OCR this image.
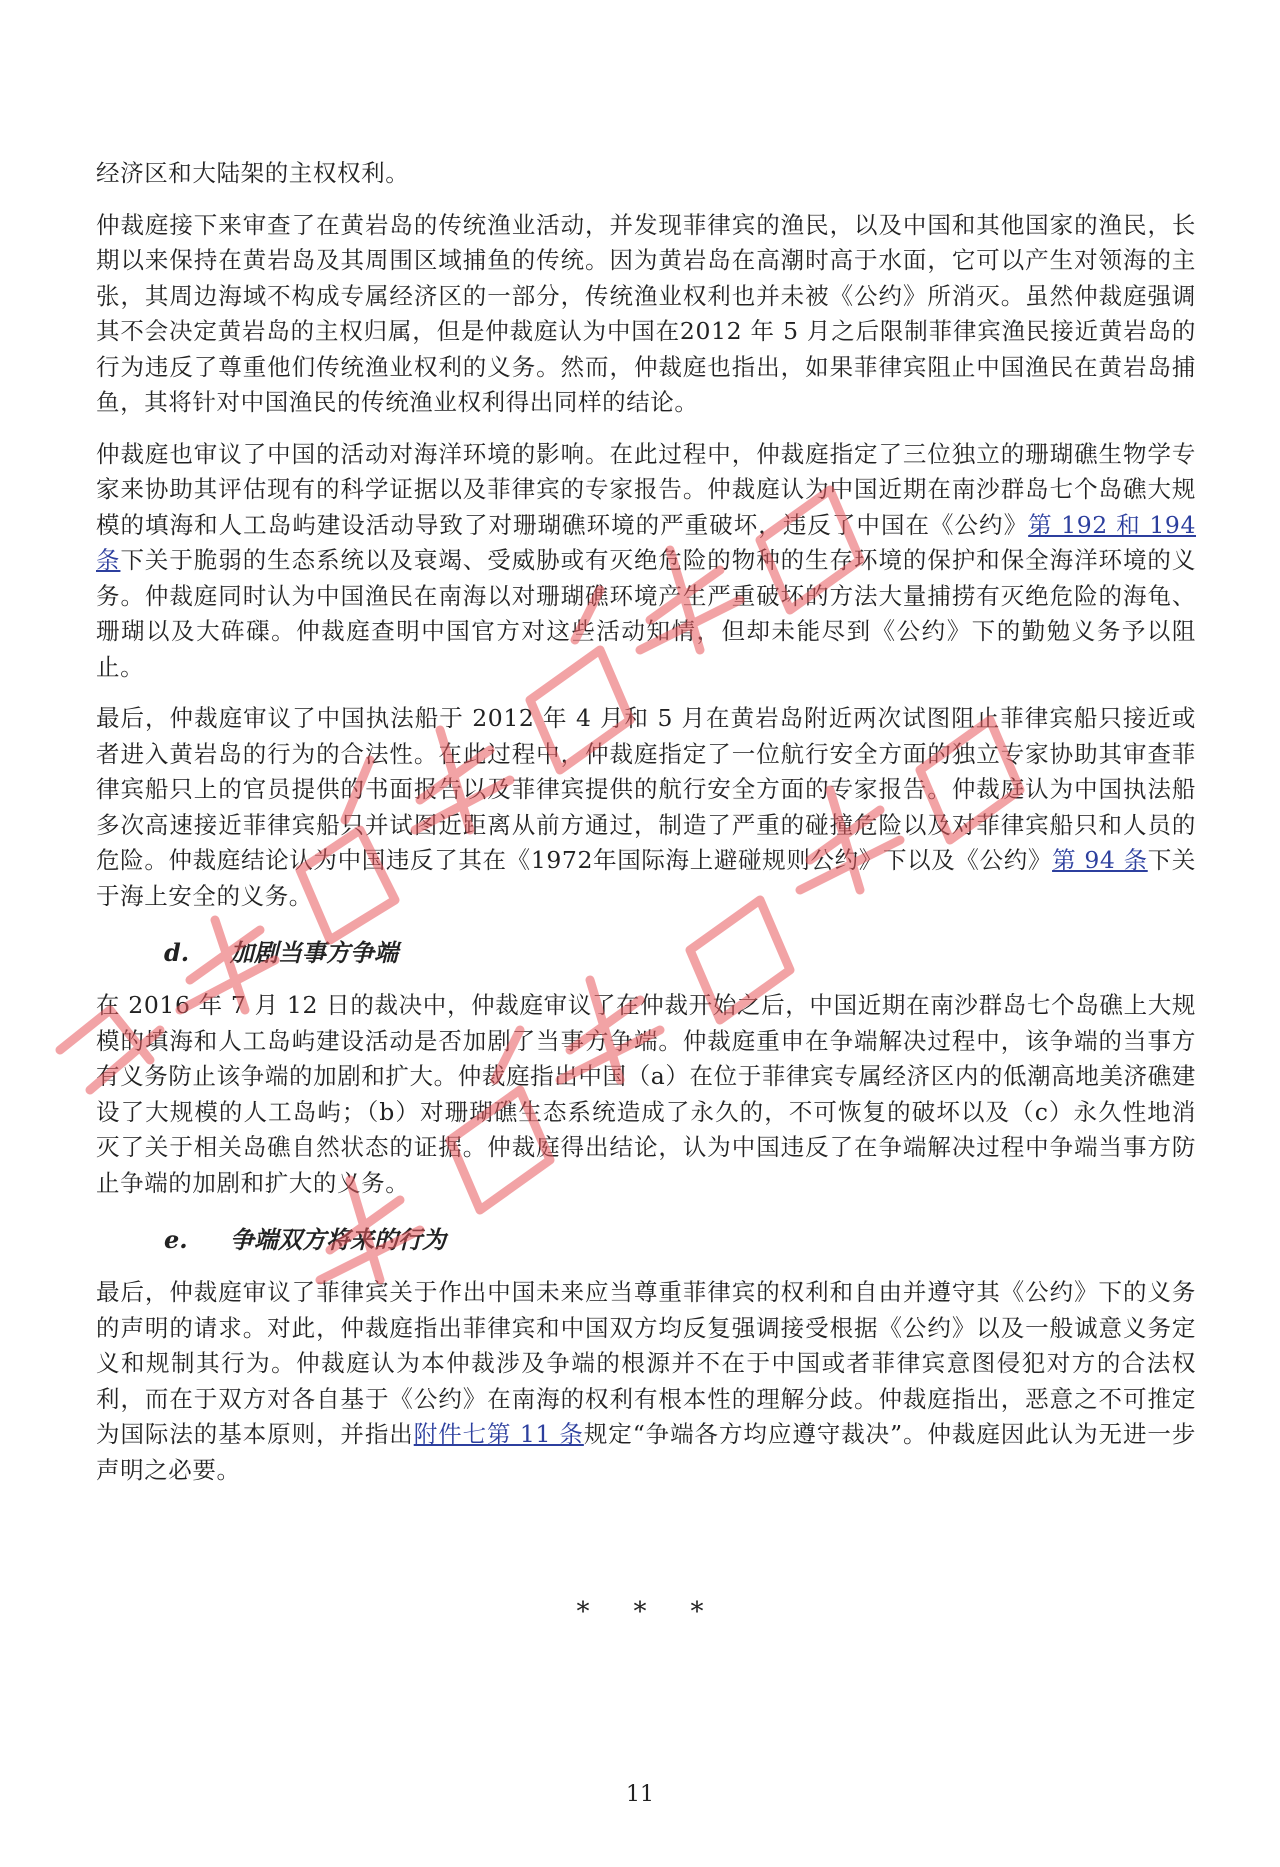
经济区和大陆架的主权权利。

仲裁庭接下来审查了在黄岩岛的传统渔业活动，并发现菲律宾的渔民，以及中国和其他国家的渔民，长期以来保持在黄岩岛及其周围区域捕鱼的传统。因为黄岩岛在高潮时高于水面，它可以产生对领海的主张，其周边海域不构成专属经济区的一部分，传统渔业权利也并未被《公约》所消灭。虽然仲裁庭强调其不会决定黄岩岛的主权归属，但是仲裁庭认为中国在2012 年 5 月之后限制菲律宾渔民接近黄岩岛的行为违反了尊重他们传统渔业权利的义务。然而，仲裁庭也指出，如果菲律宾阻止中国渔民在黄岩岛捕鱼，其将针对中国渔民的传统渔业权利得出同样的结论。

仲裁庭也审议了中国的活动对海洋环境的影响。在此过程中，仲裁庭指定了三位独立的珊瑚礁生物学专家来协助其评估现有的科学证据以及菲律宾的专家报告。仲裁庭认为中国近期在南沙群岛七个岛礁大规模的填海和人工岛屿建设活动导致了对珊瑚礁环境的严重破坏，违反了中国在《公约》第 192 和 194 条下关于脆弱的生态系统以及衰竭、受威胁或有灭绝危险的物种的生存环境的保护和保全海洋环境的义务。仲裁庭同时认为中国渔民在南海以对珊瑚礁环境产生严重破坏的方法大量捕捞有灭绝危险的海龟、珊瑚以及大砗磲。仲裁庭查明中国官方对这些活动知情，但却未能尽到《公约》下的勤勉义务予以阻止。

最后，仲裁庭审议了中国执法船于 2012 年 4 月和 5 月在黄岩岛附近两次试图阻止菲律宾船只接近或者进入黄岩岛的行为的合法性。在此过程中，仲裁庭指定了一位航行安全方面的独立专家协助其审查菲律宾船只上的官员提供的书面报告以及菲律宾提供的航行安全方面的专家报告。仲裁庭认为中国执法船多次高速接近菲律宾船只并试图近距离从前方通过，制造了严重的碰撞危险以及对菲律宾船只和人员的危险。仲裁庭结论认为中国违反了其在《1972年国际海上避碰规则公约》下以及《公约》第 94 条下关于海上安全的义务。

d. 加剧当事方争端

在 2016 年 7 月 12 日的裁决中，仲裁庭审议了在仲裁开始之后，中国近期在南沙群岛七个岛礁上大规模的填海和人工岛屿建设活动是否加剧了当事方争端。仲裁庭重申在争端解决过程中，该争端的当事方有义务防止该争端的加剧和扩大。仲裁庭指出中国（a）在位于菲律宾专属经济区内的低潮高地美济礁建设了大规模的人工岛屿；（b）对珊瑚礁生态系统造成了永久的，不可恢复的破坏以及（c）永久性地消灭了关于相关岛礁自然状态的证据。仲裁庭得出结论，认为中国违反了在争端解决过程中争端当事方防止争端的加剧和扩大的义务。

e. 争端双方将来的行为

最后，仲裁庭审议了菲律宾关于作出中国未来应当尊重菲律宾的权利和自由并遵守其《公约》下的义务的声明的请求。对此，仲裁庭指出菲律宾和中国双方均反复强调接受根据《公约》以及一般诚意义务定义和规制其行为。仲裁庭认为本仲裁涉及争端的根源并不在于中国或者菲律宾意图侵犯对方的合法权利，而在于双方对各自基于《公约》在南海的权利有根本性的理解分歧。仲裁庭指出，恶意之不可推定为国际法的基本原则，并指出附件七第 11 条规定“争端各方均应遵守裁决”。仲裁庭因此认为无进一步声明之必要。

* * *
11
